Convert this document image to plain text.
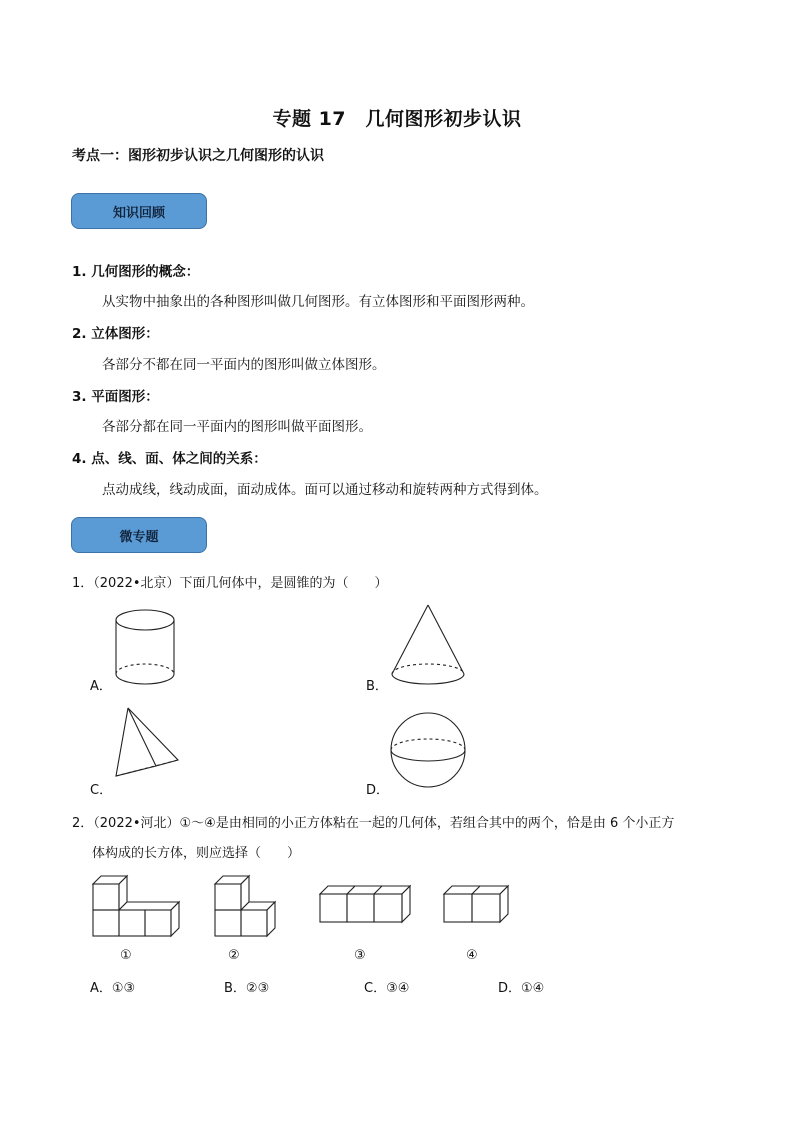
专题 17　几何图形初步认识
考点一：图形初步认识之几何图形的认识
知识回顾
1. 几何图形的概念：
从实物中抽象出的各种图形叫做几何图形。有立体图形和平面图形两种。
2. 立体图形：
各部分不都在同一平面内的图形叫做立体图形。
3. 平面图形：
各部分都在同一平面内的图形叫做平面图形。
4. 点、线、面、体之间的关系：
点动成线，线动成面，面动成体。面可以通过移动和旋转两种方式得到体。
微专题
1．（2022•北京）下面几何体中，是圆锥的为（　　）
A．	B．
C．	D．
2．（2022•河北）①～④是由相同的小正方体粘在一起的几何体，若组合其中的两个，恰是由 6 个小正方
体构成的长方体，则应选择（　　）
①	②	③	④
A．①③	B．②③	C．③④	D．①④
